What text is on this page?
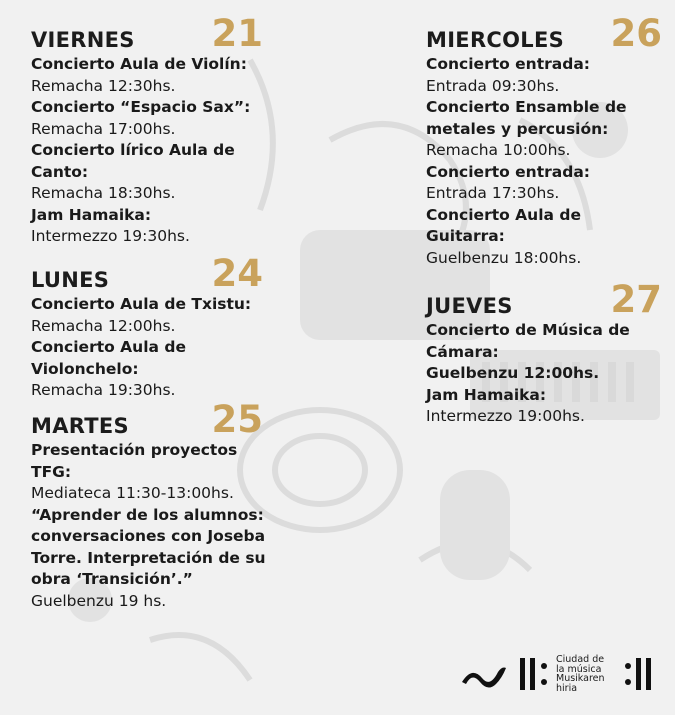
VIERNES 21
Concierto Aula de Violín:
Remacha 12:30hs.
Concierto “Espacio Sax”:
Remacha 17:00hs.
Concierto lírico Aula de Canto:
Remacha 18:30hs.
Jam Hamaika:
Intermezzo 19:30hs.
LUNES	24
Concierto Aula de Txistu:
Remacha 12:00hs.
Concierto Aula de Violonchelo:
Remacha 19:30hs.
MARTES 25
Presentación proyectos TFG:
Mediateca 11:30-13:00hs.
“Aprender de los alumnos: conversaciones con Joseba Torre. Interpretación de su obra ‘Transición’.”
Guelbenzu 19 hs.
MIERCOLES 26
Concierto entrada:
Entrada 09:30hs.
Concierto Ensamble de metales y percusión:
Remacha 10:00hs.
Concierto entrada:
Entrada 17:30hs.
Concierto Aula de Guitarra:
Guelbenzu 18:00hs.
JUEVES	27
Concierto de Música de Cámara:
Guelbenzu 12:00hs.
Jam Hamaika:
Intermezzo 19:00hs.
Ciudad de
la música
Musikaren
hiria
